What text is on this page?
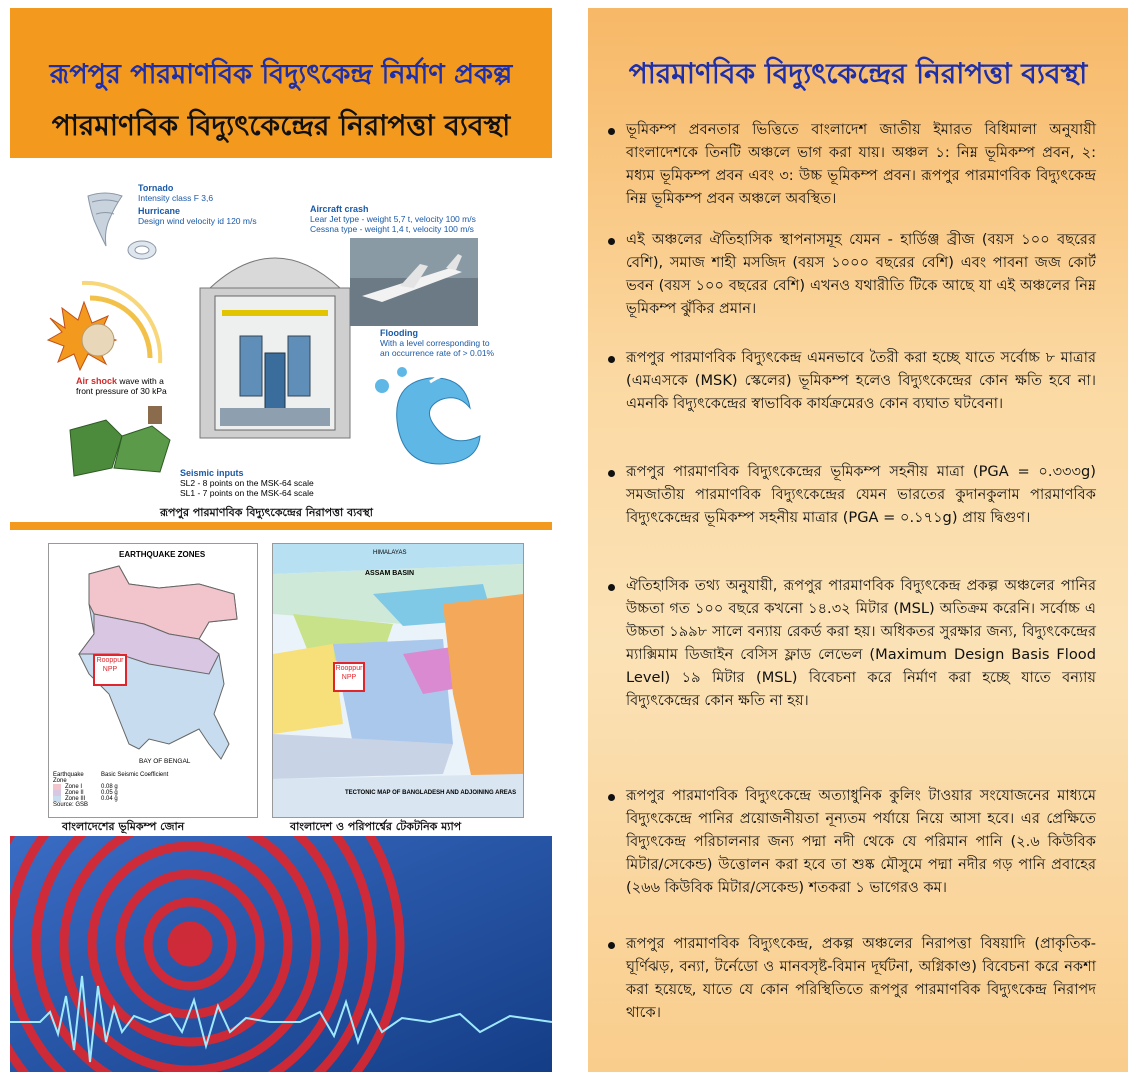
রূপপুর পারমাণবিক বিদ্যুৎকেন্দ্র নির্মাণ প্রকল্প
পারমাণবিক বিদ্যুৎকেন্দ্রের নিরাপত্তা ব্যবস্থা
Tornado
Intensity class F 3,6
Hurricane
Design wind velocity id 120 m/s
Aircraft crash
Lear Jet type - weight 5,7 t, velocity 100 m/s
Cessna type - weight 1,4 t, velocity 100 m/s
Flooding
With a level corresponding to an occurrence rate of > 0.01%
Air shock wave with a front pressure of 30 kPa
Seismic inputs
SL2 - 8 points on the MSK-64 scale
SL1 - 7 points on the MSK-64 scale
রূপপুর পারমাণবিক বিদ্যুৎকেন্দ্রের নিরাপত্তা ব্যবস্থা
EARTHQUAKE ZONES
Rooppur
NPP
BAY OF BENGAL
Earthquake Zone
Basic Seismic Coefficient
Zone I	0.08 g
Zone II	0.05 g
Zone III	0.04 g
Source: GSB
বাংলাদেশের ভূমিকম্প জোন
HIMALAYAS
ASSAM BASIN
Rooppur
NPP
TECTONIC MAP OF BANGLADESH AND ADJOINING AREAS
বাংলাদেশ ও পরিপার্শ্বের টেকটনিক ম্যাপ
পারমাণবিক বিদ্যুৎকেন্দ্রের নিরাপত্তা ব্যবস্থা
ভূমিকম্প প্রবনতার ভিত্তিতে বাংলাদেশ জাতীয় ইমারত বিধিমালা অনুযায়ী বাংলাদেশকে তিনটি অঞ্চলে ভাগ করা যায়। অঞ্চল ১: নিম্ন ভূমিকম্প প্রবন, ২: মধ্যম ভূমিকম্প প্রবন এবং ৩: উচ্চ ভূমিকম্প প্রবন। রূপপুর পারমাণবিক বিদ্যুৎকেন্দ্র নিম্ন ভূমিকম্প প্রবন অঞ্চলে অবস্থিত।
এই অঞ্চলের ঐতিহাসিক স্থাপনাসমূহ যেমন - হার্ডিঞ্জ ব্রীজ (বয়স ১০০ বছরের বেশি), সমাজ শাহী মসজিদ (বয়স ১০০০ বছরের বেশি) এবং পাবনা জজ কোর্ট ভবন (বয়স ১০০ বছরের বেশি) এখনও যথারীতি টিকে আছে যা এই অঞ্চলের নিম্ন ভূমিকম্প ঝুঁকির প্রমান।
রূপপুর পারমাণবিক বিদ্যুৎকেন্দ্র এমনভাবে তৈরী করা হচ্ছে যাতে সর্বোচ্চ ৮ মাত্রার (এমএসকে (MSK) স্কেলের) ভূমিকম্প হলেও বিদ্যুৎকেন্দ্রের কোন ক্ষতি হবে না। এমনকি বিদ্যুৎকেন্দ্রের স্বাভাবিক কার্যক্রমেরও কোন ব্যঘাত ঘটবেনা।
রূপপুর পারমাণবিক বিদ্যুৎকেন্দ্রের ভূমিকম্প সহনীয় মাত্রা (PGA = ০.৩৩৩g) সমজাতীয় পারমাণবিক বিদ্যুৎকেন্দ্রের যেমন ভারতের কুদানকুলাম পারমাণবিক বিদ্যুৎকেন্দ্রের ভূমিকম্প সহনীয় মাত্রার (PGA = ০.১৭১g) প্রায় দ্বিগুণ।
ঐতিহাসিক তথ্য অনুযায়ী, রূপপুর পারমাণবিক বিদ্যুৎকেন্দ্র প্রকল্প অঞ্চলের পানির উচ্চতা গত ১০০ বছরে কখনো ১৪.৩২ মিটার (MSL) অতিক্রম করেনি। সর্বোচ্চ এ উচ্চতা ১৯৯৮ সালে বন্যায় রেকর্ড করা হয়। অধিকতর সুরক্ষার জন্য, বিদ্যুৎকেন্দ্রের ম্যাক্সিমাম ডিজাইন বেসিস ফ্লাড লেভেল (Maximum Design Basis Flood Level) ১৯ মিটার (MSL) বিবেচনা করে নির্মাণ করা হচ্ছে যাতে বন্যায় বিদ্যুৎকেন্দ্রের কোন ক্ষতি না হয়।
রূপপুর পারমাণবিক বিদ্যুৎকেন্দ্রে অত্যাধুনিক কুলিং টাওয়ার সংযোজনের মাধ্যমে বিদ্যুৎকেন্দ্রে পানির প্রয়োজনীয়তা নূন্যতম পর্যায়ে নিয়ে আসা হবে। এর প্রেক্ষিতে বিদ্যুৎকেন্দ্র পরিচালনার জন্য পদ্মা নদী থেকে যে পরিমান পানি (২.৬ কিউবিক মিটার/সেকেন্ড) উত্তোলন করা হবে তা শুষ্ক মৌসুমে পদ্মা নদীর গড় পানি প্রবাহের (২৬৬ কিউবিক মিটার/সেকেন্ড) শতকরা ১ ভাগেরও কম।
রূপপুর পারমাণবিক বিদ্যুৎকেন্দ্র, প্রকল্প অঞ্চলের নিরাপত্তা বিষয়াদি (প্রাকৃতিক-ঘূর্ণিঝড়, বন্যা, টর্নেডো ও মানবসৃষ্ট-বিমান দূর্ঘটনা, অগ্নিকাণ্ড) বিবেচনা করে নকশা করা হয়েছে, যাতে যে কোন পরিস্থিতিতে রূপপুর পারমাণবিক বিদ্যুৎকেন্দ্র নিরাপদ থাকে।
